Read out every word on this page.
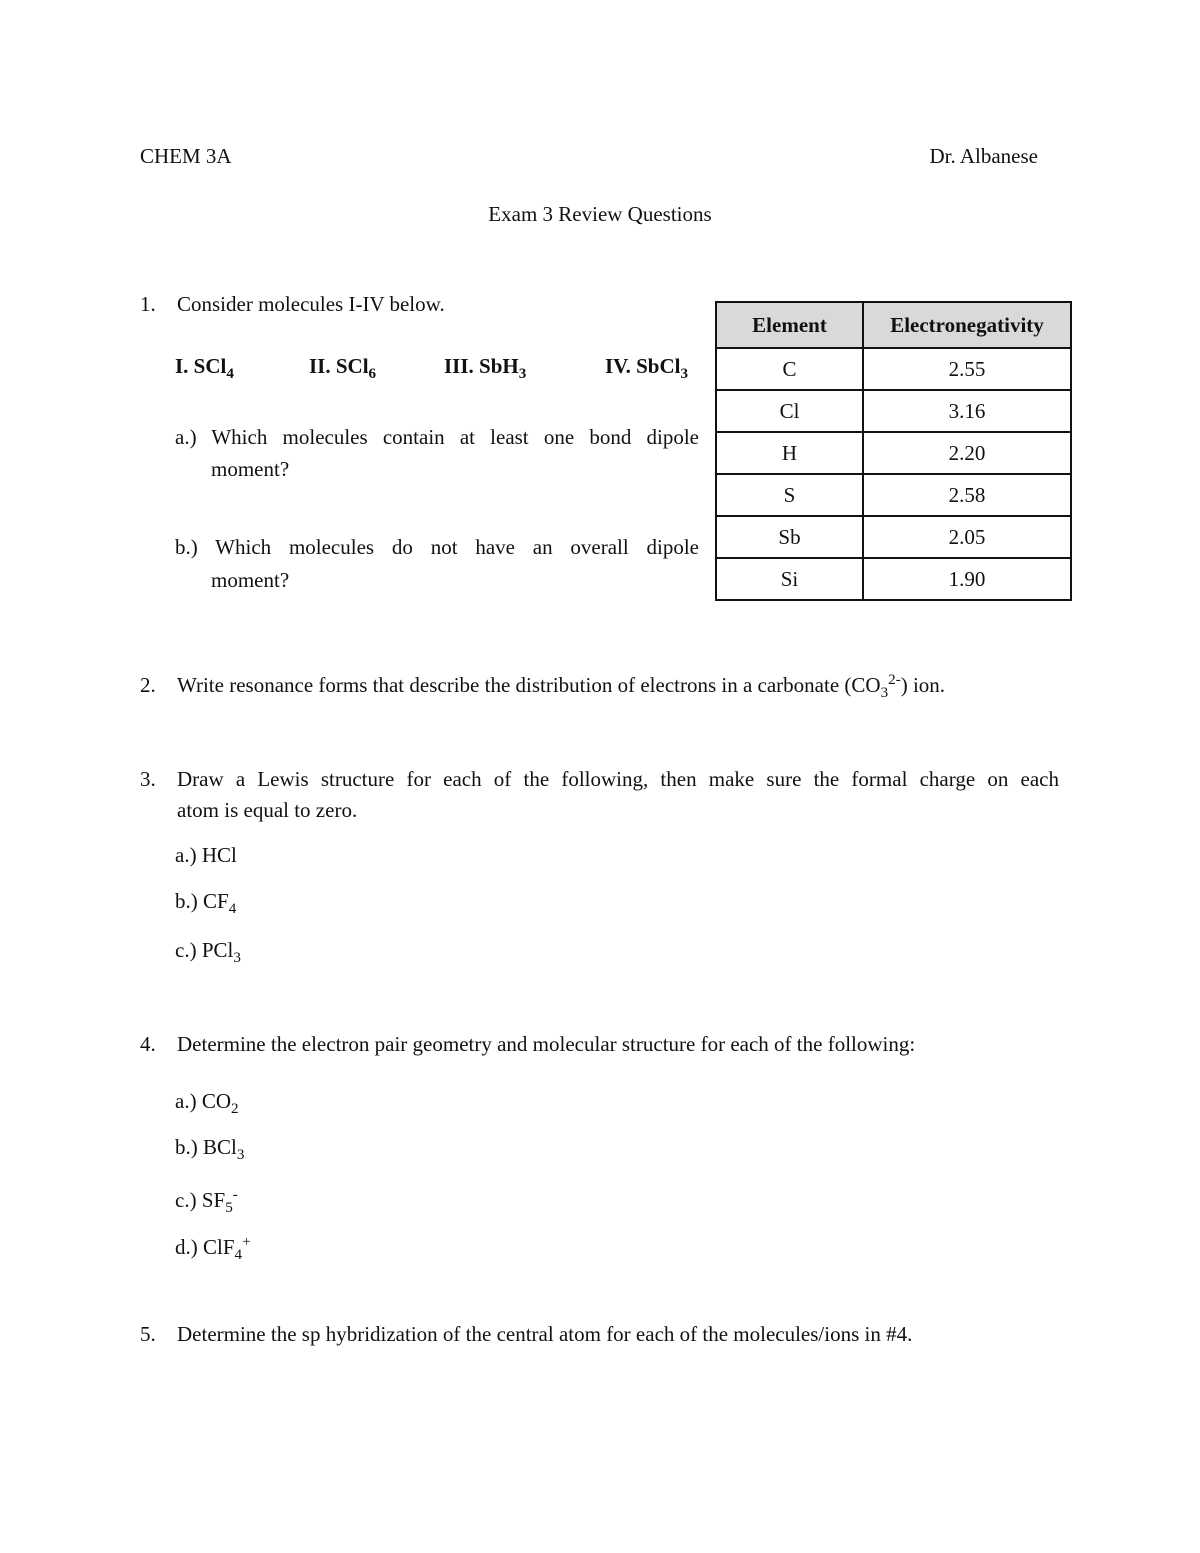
CHEM 3A	Dr. Albanese
Exam 3 Review Questions
1. Consider molecules I-IV below.
I. SCl$_4$	II. SCl$_6$	III. SbH$_3$	IV. SbCl$_3$
a.) Which molecules contain at least one bond dipole
moment?
b.) Which molecules do not have an overall dipole
moment?
Element	Electronegativity
C	2.55
Cl	3.16
H	2.20
S	2.58
Sb	2.05
Si	1.90
2. Write resonance forms that describe the distribution of electrons in a carbonate $(CO_3^{2-})$ ion.
3. Draw a Lewis structure for each of the following, then make sure the formal charge on each
atom is equal to zero.
a.) HCl
b.) $CF_4$
c.) PCl$_3$
4. Determine the electron pair geometry and molecular structure for each of the following:
a.) $CO_2$
b.) BCl$_3$
c.) $SF_5^-$
d.) ClF$_4$+
5. Determine the sp hybridization of the central atom for each of the molecules/ions in #4.
